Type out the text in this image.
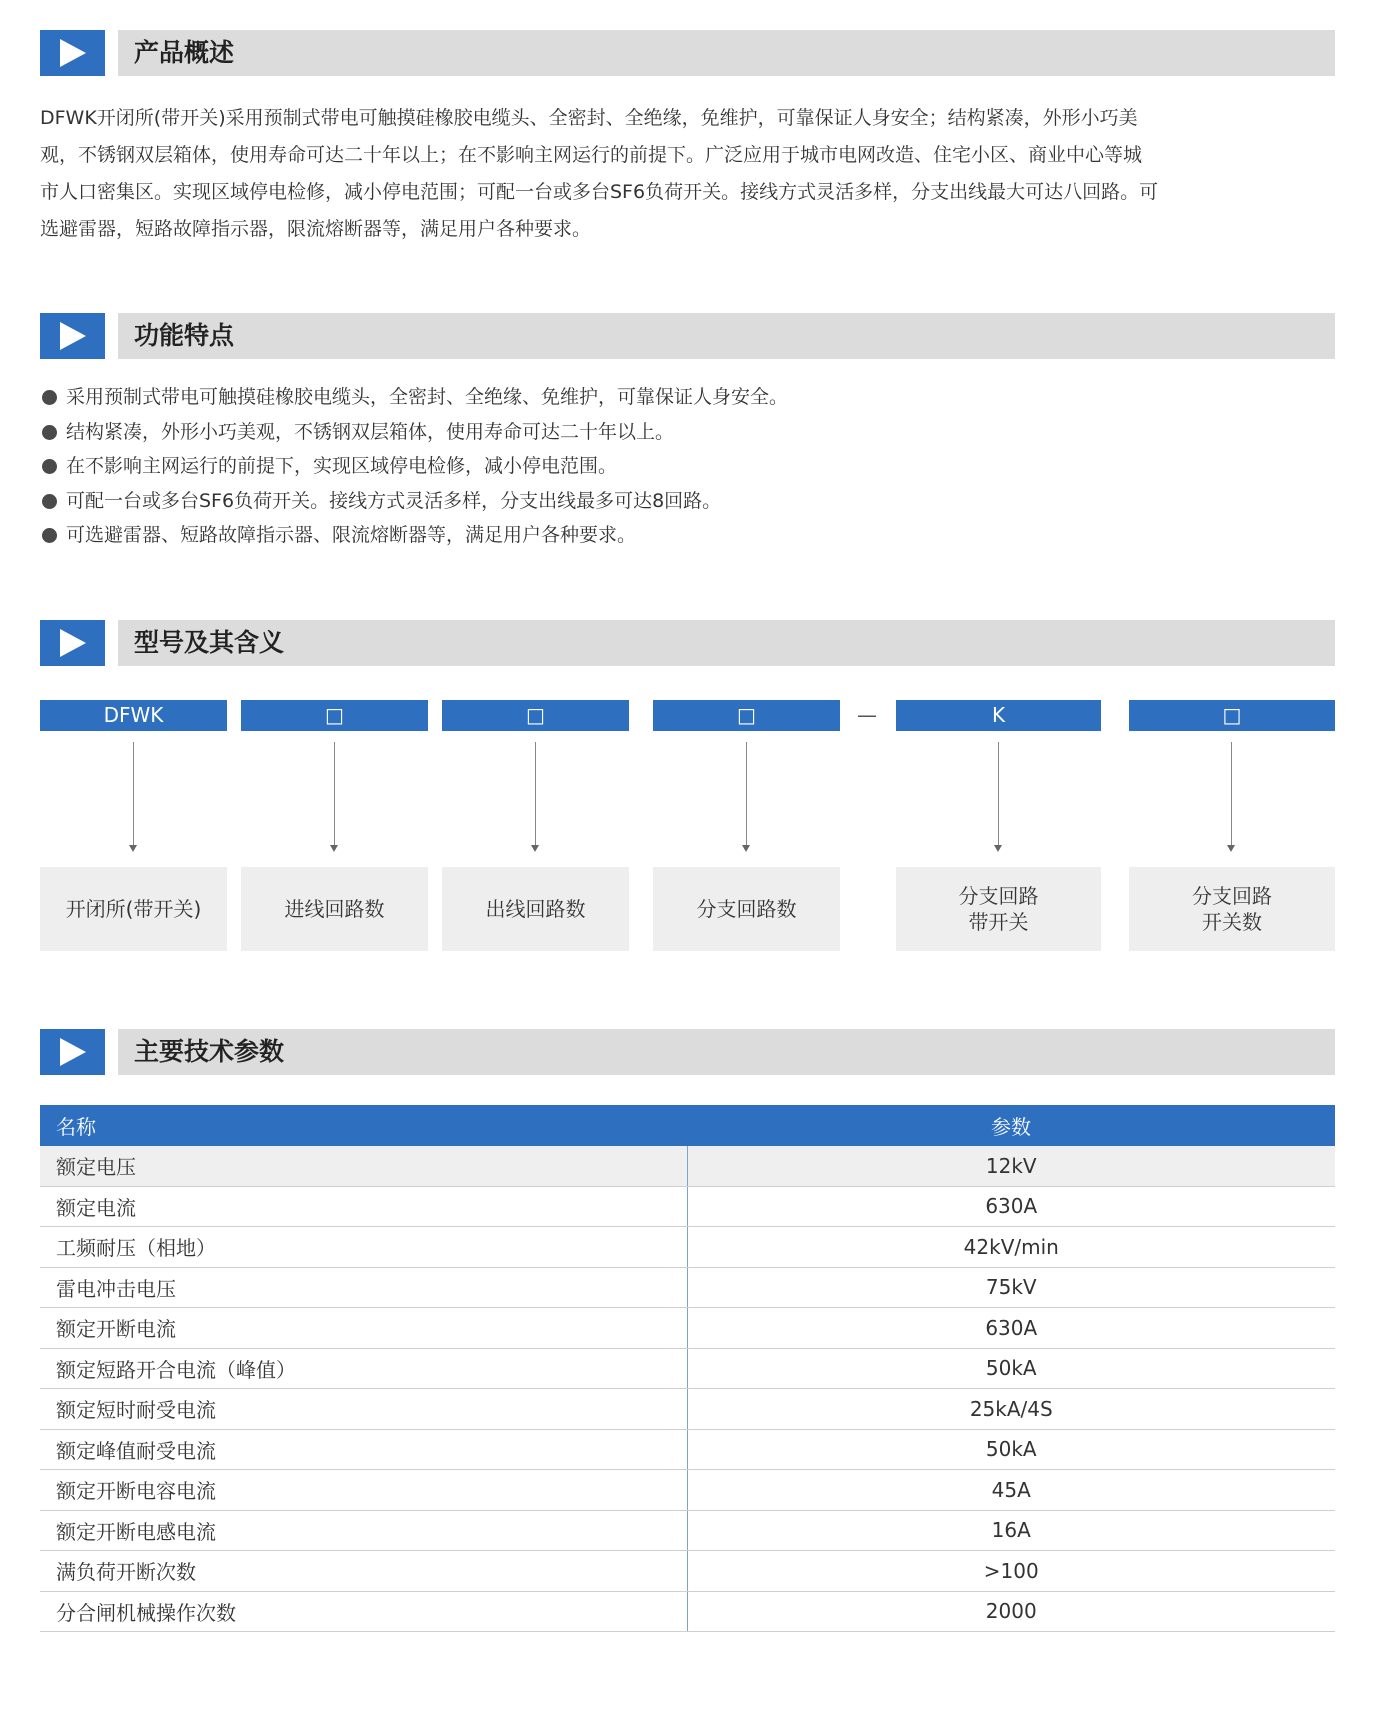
产品概述

DFWK开闭所(带开关)采用预制式带电可触摸硅橡胶电缆头、全密封、全绝缘，免维护，可靠保证人身安全；结构紧凑，外形小巧美

观，不锈钢双层箱体，使用寿命可达二十年以上；在不影响主网运行的前提下。广泛应用于城市电网改造、住宅小区、商业中心等城

市人口密集区。实现区域停电检修，减小停电范围；可配一台或多台SF6负荷开关。接线方式灵活多样，分支出线最大可达八回路。可

选避雷器，短路故障指示器，限流熔断器等，满足用户各种要求。

功能特点
采用预制式带电可触摸硅橡胶电缆头，全密封、全绝缘、免维护，可靠保证人身安全。
结构紧凑，外形小巧美观，不锈钢双层箱体，使用寿命可达二十年以上。
在不影响主网运行的前提下，实现区域停电检修，减小停电范围。
可配一台或多台SF6负荷开关。接线方式灵活多样，分支出线最多可达8回路。
可选避雷器、短路故障指示器、限流熔断器等，满足用户各种要求。
型号及其含义
DFWK	□	□	□	—	K	□
开闭所(带开关)	进线回路数	出线回路数	分支回路数
分支回路
带开关
分支回路
开关数
主要技术参数
名称	参数
额定电压	12kV
额定电流	630A
工频耐压（相地）	42kV/min
雷电冲击电压	75kV
额定开断电流	630A
额定短路开合电流（峰值）	50kA
额定短时耐受电流	25kA/4S
额定峰值耐受电流	50kA
额定开断电容电流	45A
额定开断电感电流	16A
满负荷开断次数	>100
分合闸机械操作次数	2000
